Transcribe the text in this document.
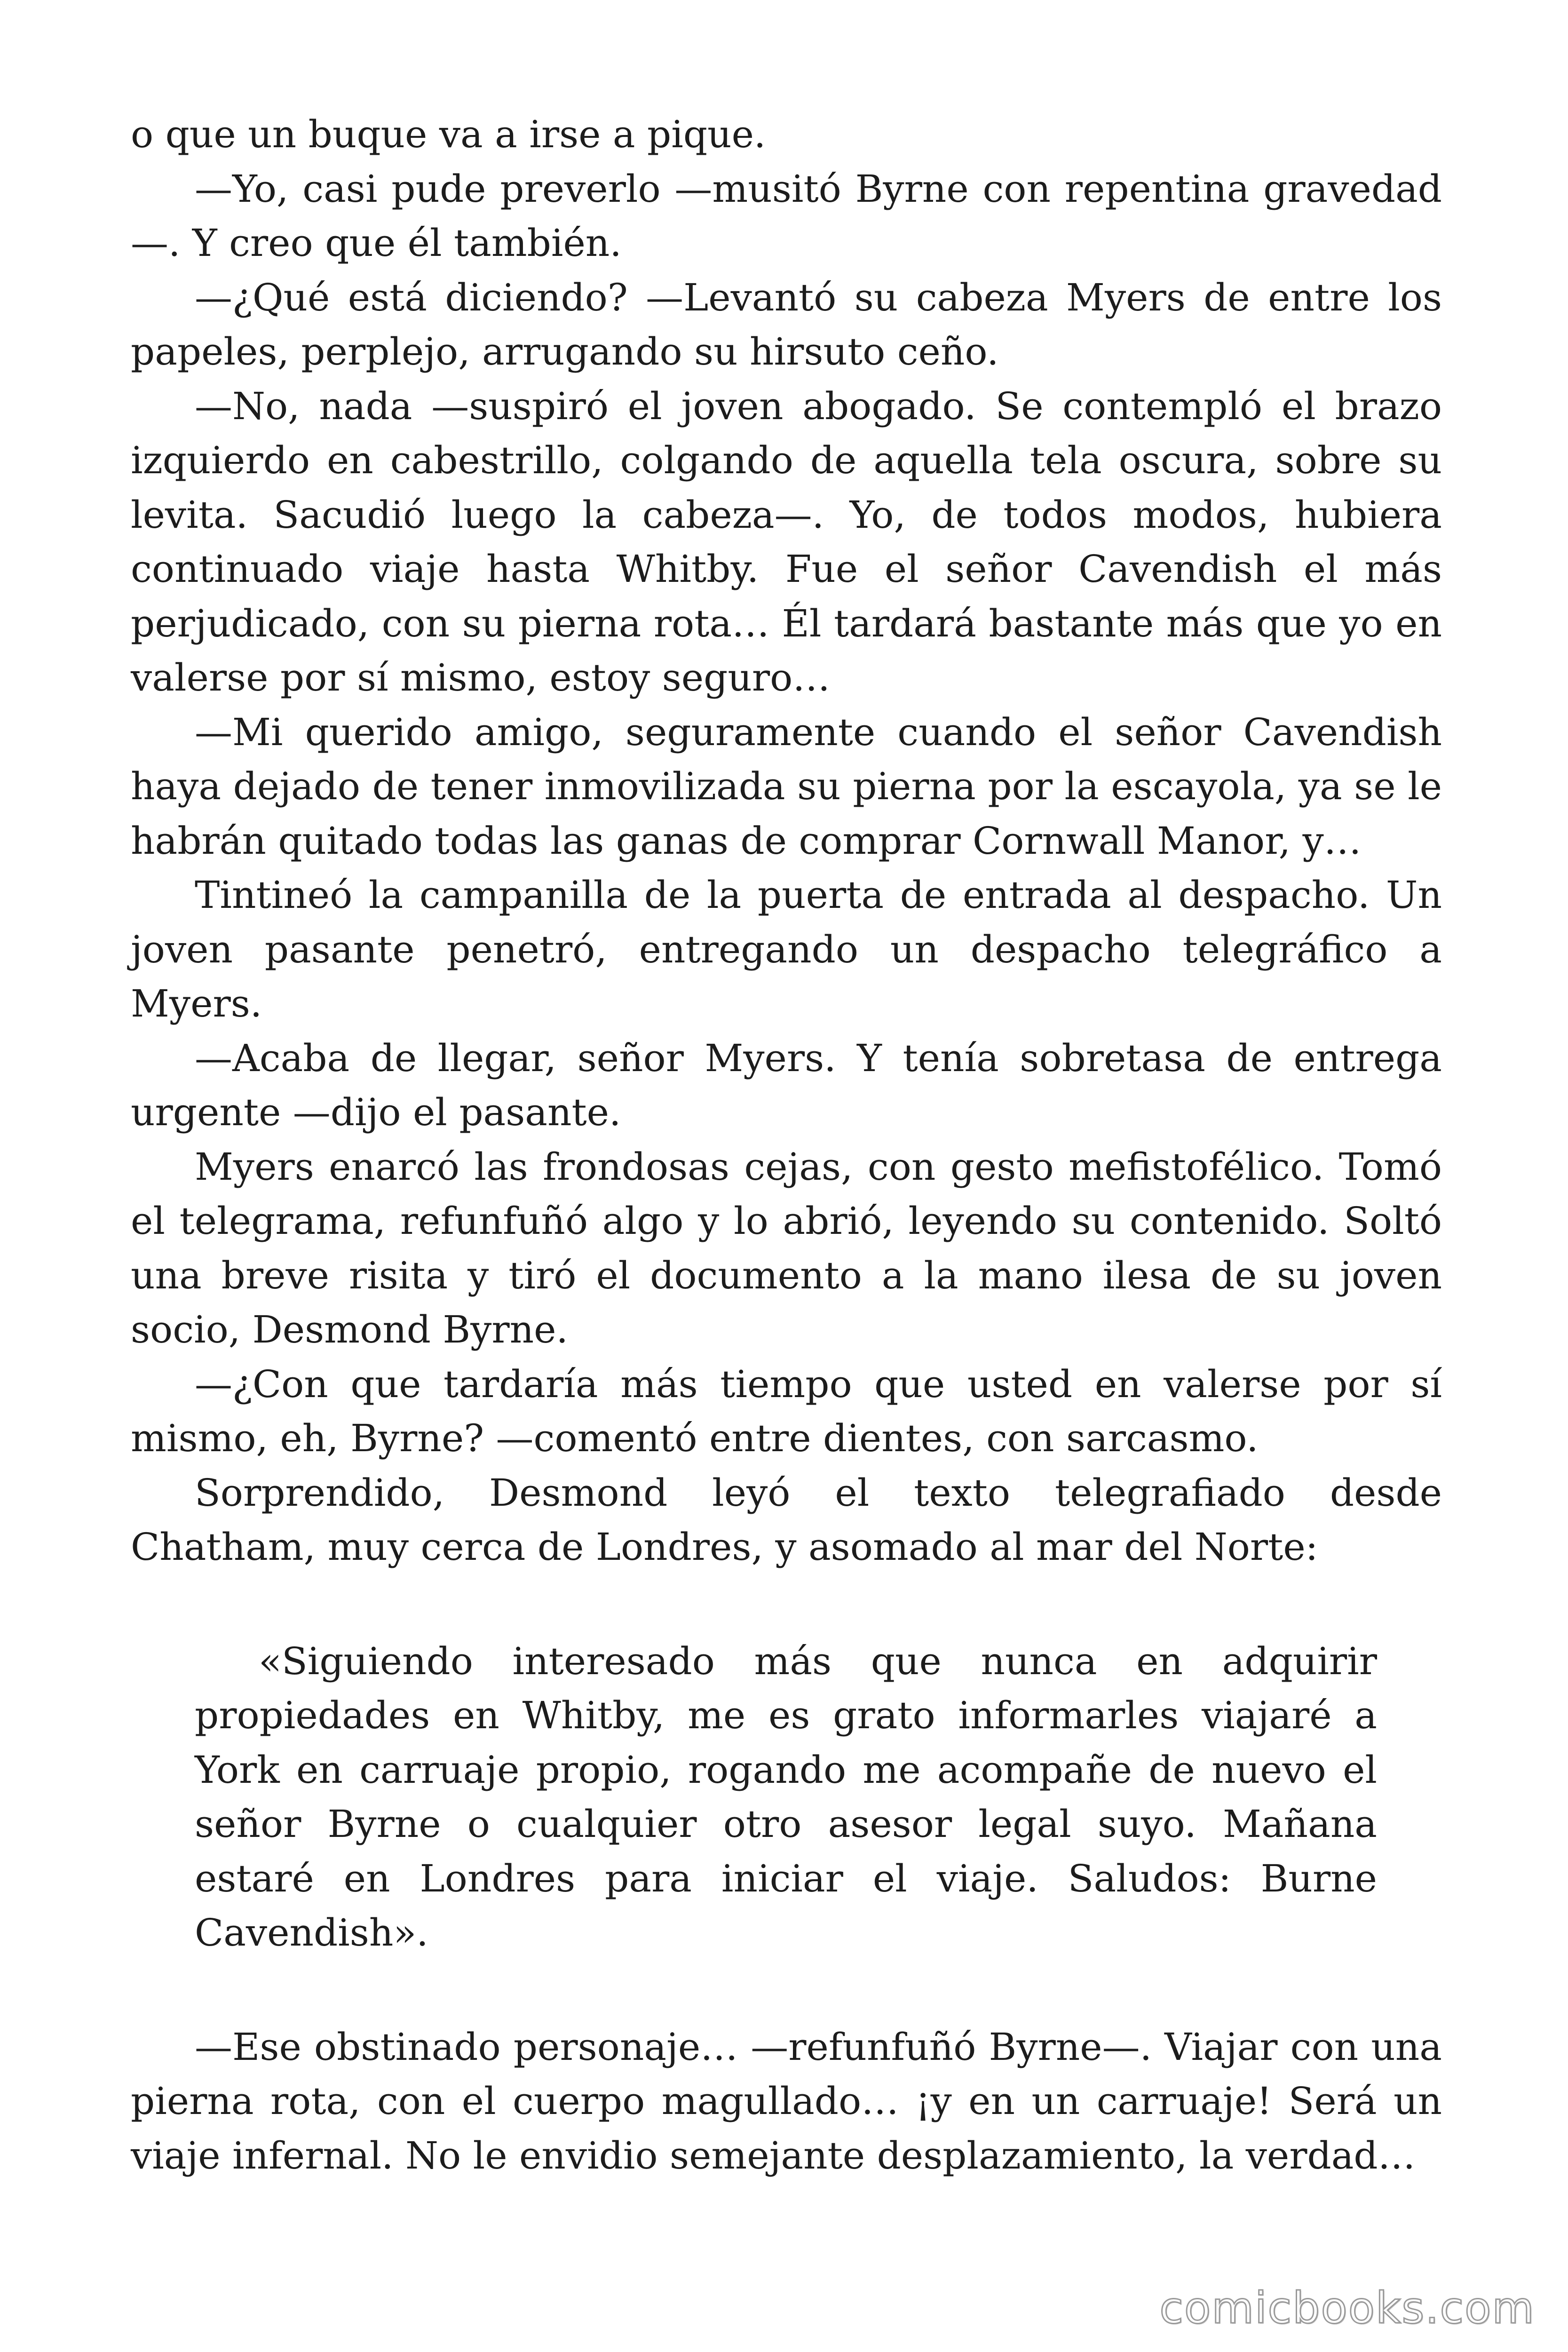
o que un buque va a irse a pique.

—Yo, casi pude preverlo —musitó Byrne con repentina gravedad —. Y creo que él también.

—¿Qué está diciendo? —Levantó su cabeza Myers de entre los papeles, perplejo, arrugando su hirsuto ceño.

—No, nada —suspiró el joven abogado. Se contempló el brazo izquierdo en cabestrillo, colgando de aquella tela oscura, sobre su levita. Sacudió luego la cabeza—. Yo, de todos modos, hubiera continuado viaje hasta Whitby. Fue el señor Cavendish el más perjudicado, con su pierna rota… Él tardará bastante más que yo en valerse por sí mismo, estoy seguro…

—Mi querido amigo, seguramente cuando el señor Cavendish haya dejado de tener inmovilizada su pierna por la escayola, ya se le habrán quitado todas las ganas de comprar Cornwall Manor, y…

Tintineó la campanilla de la puerta de entrada al despacho. Un joven pasante penetró, entregando un despacho telegráfico a Myers.

—Acaba de llegar, señor Myers. Y tenía sobretasa de entrega urgente —dijo el pasante.

Myers enarcó las frondosas cejas, con gesto mefistofélico. Tomó el telegrama, refunfuñó algo y lo abrió, leyendo su contenido. Soltó una breve risita y tiró el documento a la mano ilesa de su joven socio, Desmond Byrne.

—¿Con que tardaría más tiempo que usted en valerse por sí mismo, eh, Byrne? —comentó entre dientes, con sarcasmo.

Sorprendido, Desmond leyó el texto telegrafiado desde Chatham, muy cerca de Londres, y asomado al mar del Norte:

«Siguiendo interesado más que nunca en adquirir propiedades en Whitby, me es grato informarles viajaré a York en carruaje propio, rogando me acompañe de nuevo el señor Byrne o cualquier otro asesor legal suyo. Mañana estaré en Londres para iniciar el viaje. Saludos: Burne Cavendish».

—Ese obstinado personaje… —refunfuñó Byrne—. Viajar con una pierna rota, con el cuerpo magullado… ¡y en un carruaje! Será un viaje infernal. No le envidio semejante desplazamiento, la verdad…

comicbooks.com
